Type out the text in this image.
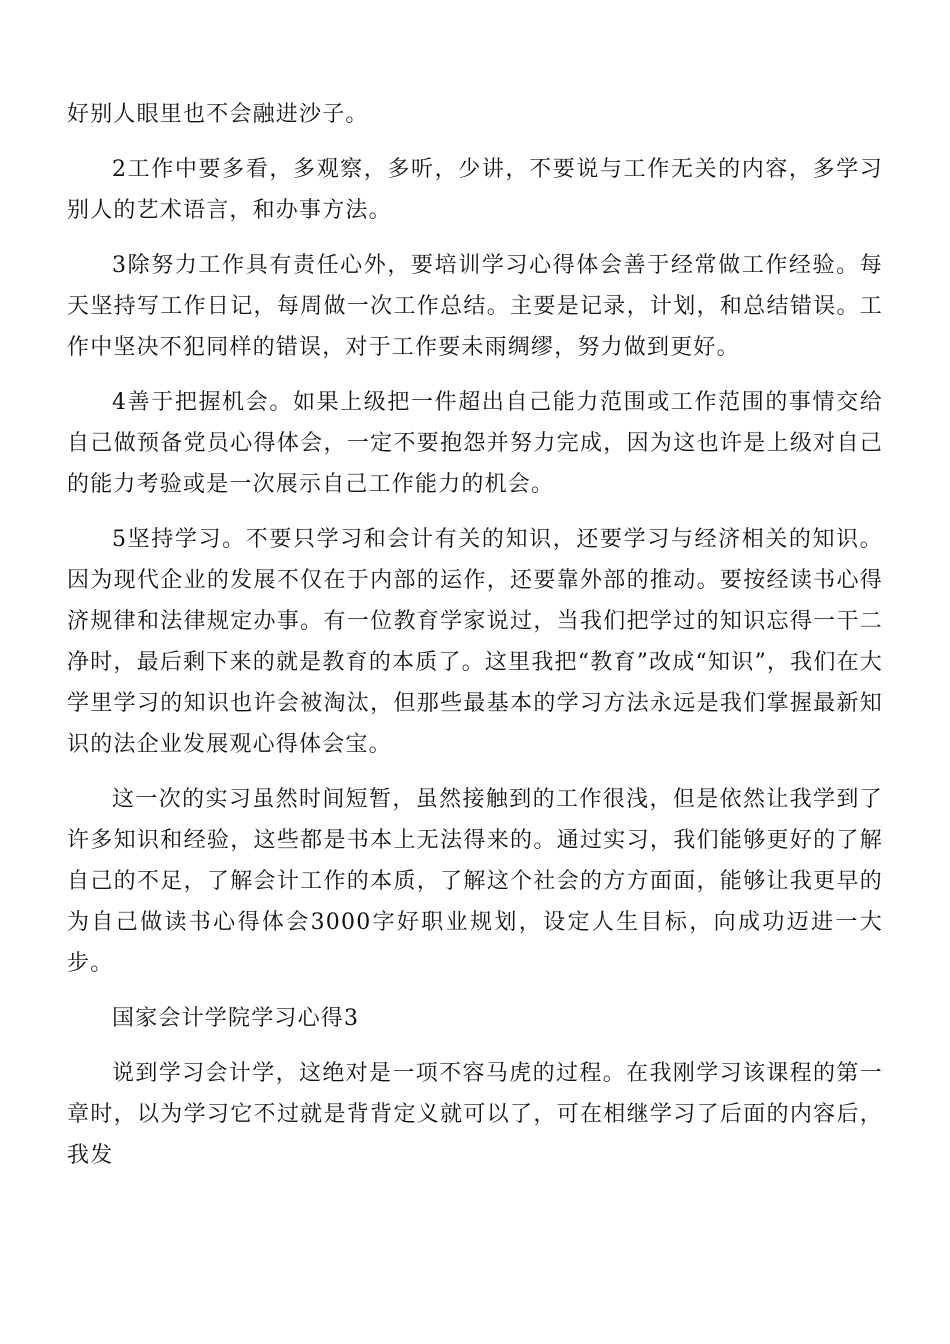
好别人眼里也不会融进沙子。

2工作中要多看，多观察，多听，少讲，不要说与工作无关的内容，多学习别人的艺术语言，和办事方法。

3除努力工作具有责任心外，要培训学习心得体会善于经常做工作经验。每天坚持写工作日记，每周做一次工作总结。主要是记录，计划，和总结错误。工作中坚决不犯同样的错误，对于工作要未雨绸缪，努力做到更好。

4善于把握机会。如果上级把一件超出自己能力范围或工作范围的事情交给自己做预备党员心得体会，一定不要抱怨并努力完成，因为这也许是上级对自己的能力考验或是一次展示自己工作能力的机会。

5坚持学习。不要只学习和会计有关的知识，还要学习与经济相关的知识。因为现代企业的发展不仅在于内部的运作，还要靠外部的推动。要按经读书心得济规律和法律规定办事。有一位教育学家说过，当我们把学过的知识忘得一干二净时，最后剩下来的就是教育的本质了。这里我把“教育”改成“知识”，我们在大学里学习的知识也许会被淘汰，但那些最基本的学习方法永远是我们掌握最新知识的法企业发展观心得体会宝。

这一次的实习虽然时间短暂，虽然接触到的工作很浅，但是依然让我学到了许多知识和经验，这些都是书本上无法得来的。通过实习，我们能够更好的了解自己的不足，了解会计工作的本质，了解这个社会的方方面面，能够让我更早的为自己做读书心得体会3000字好职业规划，设定人生目标，向成功迈进一大步。

国家会计学院学习心得3

说到学习会计学，这绝对是一项不容马虎的过程。在我刚学习该课程的第一章时，以为学习它不过就是背背定义就可以了，可在相继学习了后面的内容后，我发
